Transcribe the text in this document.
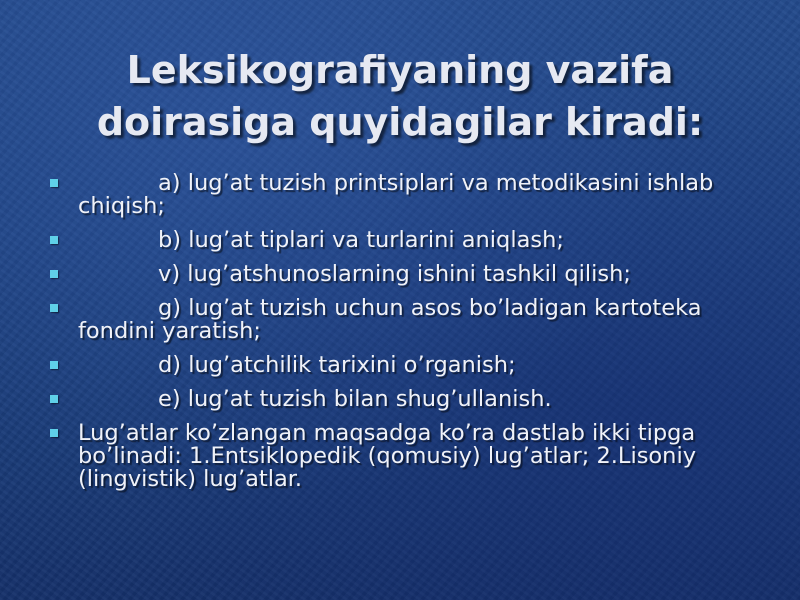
Leksikografiyaning vazifa doirasiga quyidagilar kiradi:
a) lug’at tuzish printsiplari va metodikasini ishlab chiqish;
b) lug’at tiplari va turlarini aniqlash;
v) lug’atshunoslarning ishini tashkil qilish;
g) lug’at tuzish uchun asos bo’ladigan kartoteka fondini yaratish;
d) lug’atchilik tarixini o’rganish;
e) lug’at tuzish bilan shug’ullanish.
Lug’atlar ko’zlangan maqsadga ko’ra dastlab ikki tipga bo’linadi: 1.Entsiklopedik (qomusiy) lug’atlar; 2.Lisoniy (lingvistik) lug’atlar.
